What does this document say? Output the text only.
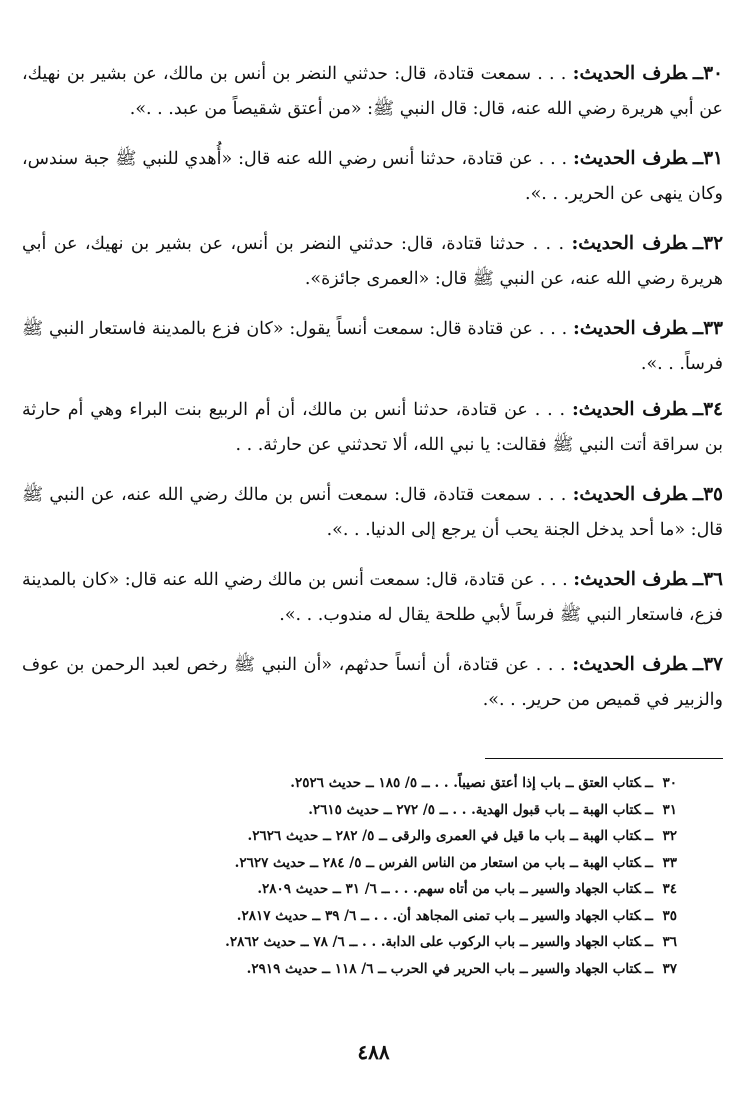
٣٠ــطرف الحديث: . . . سمعت قتادة، قال: حدثني النضر بن أنس بن مالك، عن بشير بن نهيك، عن أبي هريرة رضي الله عنه، قال: قال النبي ﷺ: «من أعتق شقيصاً من عبد. . .».

٣١ــطرف الحديث: . . . عن قتادة، حدثنا أنس رضي الله عنه قال: «أُهدي للنبي ﷺ جبة سندس، وكان ينهى عن الحرير. . .».

٣٢ــطرف الحديث: . . . حدثنا قتادة، قال: حدثني النضر بن أنس، عن بشير بن نهيك، عن أبي هريرة رضي الله عنه، عن النبي ﷺ قال: «العمرى جائزة».

٣٣ــطرف الحديث: . . . عن قتادة قال: سمعت أنساً يقول: «كان فزع بالمدينة فاستعار النبي ﷺ فرساً. . .».

٣٤ــطرف الحديث: . . . عن قتادة، حدثنا أنس بن مالك، أن أم الربيع بنت البراء وهي أم حارثة بن سراقة أتت النبي ﷺ فقالت: يا نبي الله، ألا تحدثني عن حارثة. . .

٣٥ــطرف الحديث: . . . سمعت قتادة، قال: سمعت أنس بن مالك رضي الله عنه، عن النبي ﷺ قال: «ما أحد يدخل الجنة يحب أن يرجع إلى الدنيا. . .».

٣٦ــطرف الحديث: . . . عن قتادة، قال: سمعت أنس بن مالك رضي الله عنه قال: «كان بالمدينة فزع، فاستعار النبي ﷺ فرساً لأبي طلحة يقال له مندوب. . .».

٣٧ــطرف الحديث: . . . عن قتادة، أن أنساً حدثهم، «أن النبي ﷺ رخص لعبد الرحمن بن عوف والزبير في قميص من حرير. . .».

٣٠ــكتاب العتق ــ باب إذا أعتق نصيباً. . . ــ ٥/ ١٨٥ ــ حديث ٢٥٢٦.
٣١ــكتاب الهبة ــ باب قبول الهدية. . . ــ ٥/ ٢٧٢ ــ حديث ٢٦١٥.
٣٢ــكتاب الهبة ــ باب ما قيل في العمرى والرقى ــ ٥/ ٢٨٢ ــ حديث ٢٦٢٦.
٣٣ــكتاب الهبة ــ باب من استعار من الناس الفرس ــ ٥/ ٢٨٤ ــ حديث ٢٦٢٧.
٣٤ــكتاب الجهاد والسير ــ باب من أتاه سهم. . . ــ ٦/ ٣١ ــ حديث ٢٨٠٩.
٣٥ــكتاب الجهاد والسير ــ باب تمنى المجاهد أن. . . ــ ٦/ ٣٩ ــ حديث ٢٨١٧.
٣٦ــكتاب الجهاد والسير ــ باب الركوب على الدابة. . . ــ ٦/ ٧٨ ــ حديث ٢٨٦٢.
٣٧ــكتاب الجهاد والسير ــ باب الحرير في الحرب ــ ٦/ ١١٨ ــ حديث ٢٩١٩.
٤٨٨
